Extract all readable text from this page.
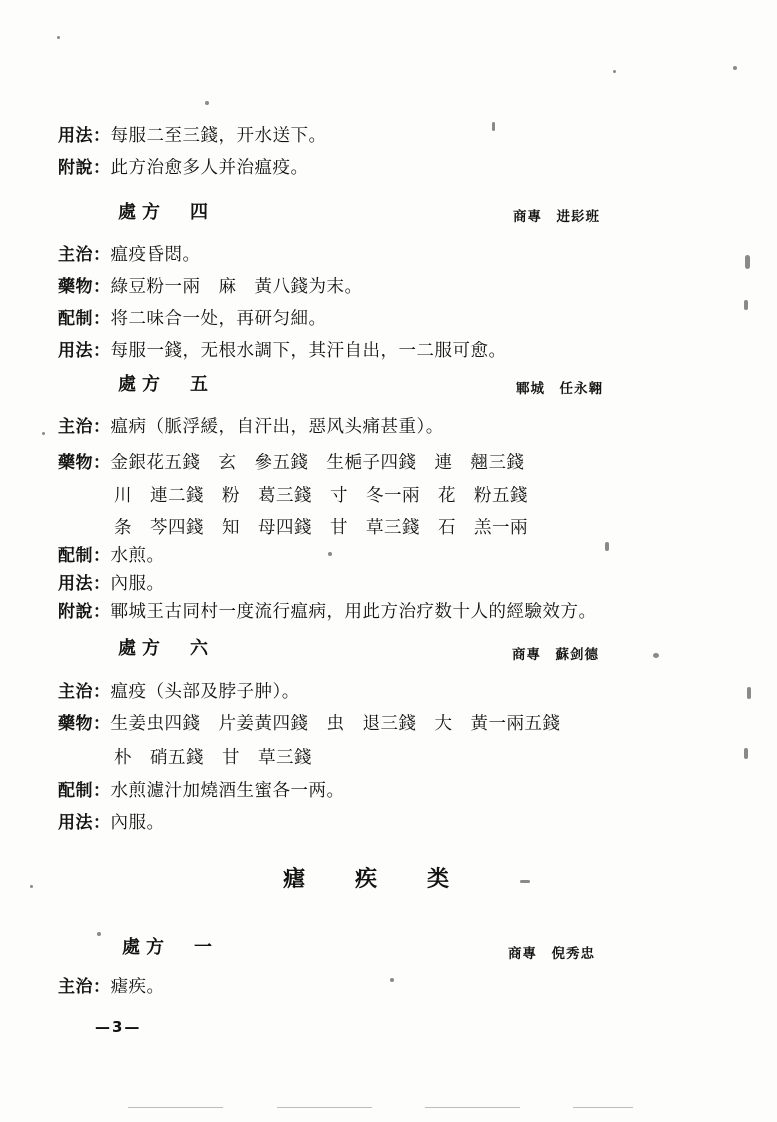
用法：每服二至三錢，开水送下。
附說：此方治愈多人并治瘟疫。
處方　四	商專　进髟班
主治：瘟疫昏悶。
藥物：綠豆粉一兩　麻　黃八錢为末。
配制：将二味合一处，再研匀細。
用法：每服一錢，无根水調下，其汗自出，一二服可愈。
處方　五	鄆城　任永翱
主治：瘟病（脈浮緩，自汗出，惡风头痛甚重）。
藥物：金銀花五錢　玄　參五錢　生梔子四錢　連　翹三錢
川　連二錢　粉　葛三錢　寸　冬一兩　花　粉五錢
条　芩四錢　知　母四錢　甘　草三錢　石　羔一兩
配制：水煎。
用法：內服。
附說：鄆城王古同村一度流行瘟病，用此方治疗数十人的經驗效方。
處方　六	商專　蘇剑德
主治：瘟疫（头部及脖子肿）。
藥物：生姜虫四錢　片姜黃四錢　虫　退三錢　大　黃一兩五錢
朴　硝五錢　甘　草三錢
配制：水煎濾汁加燒酒生蜜各一两。
用法：內服。
瘧　疾　类
處方　一	商專　倪秀忠
主治：瘧疾。
—3—
